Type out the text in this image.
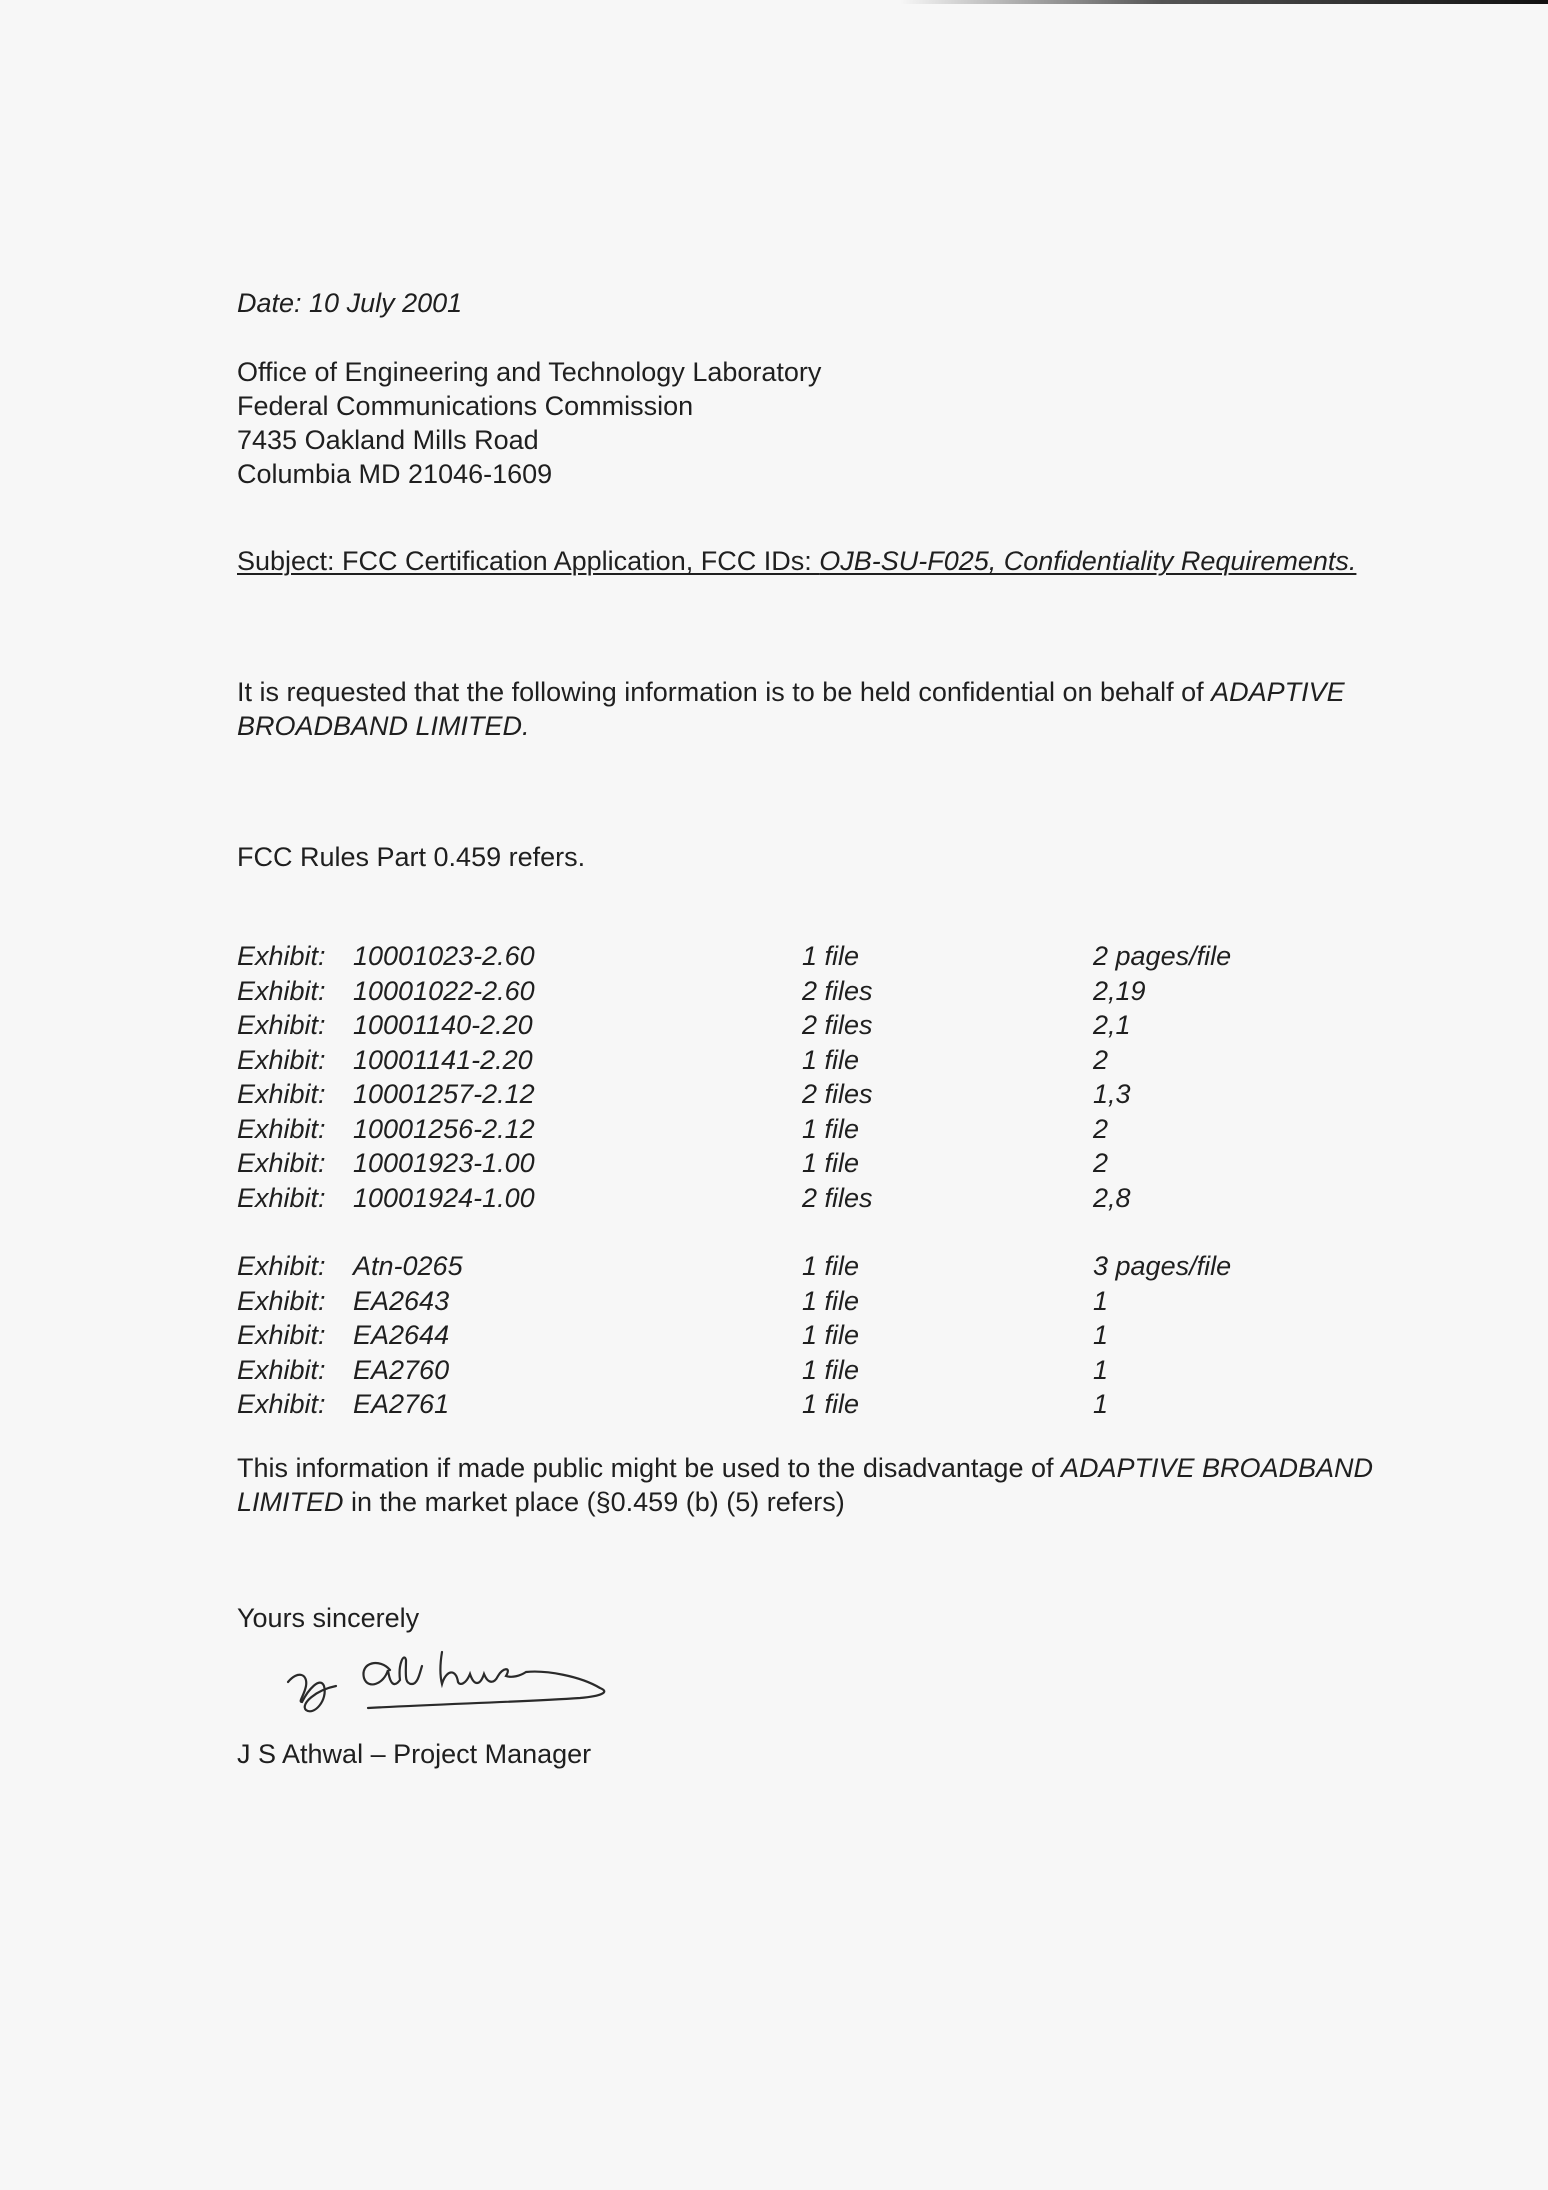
Date: 10 July 2001
Office of Engineering and Technology Laboratory
Federal Communications Commission
7435 Oakland Mills Road
Columbia MD 21046-1609
Subject: FCC Certification Application, FCC IDs: OJB-SU-F025, Confidentiality Requirements.
It is requested that the following information is to be held confidential on behalf of ADAPTIVE BROADBAND LIMITED.
FCC Rules Part 0.459 refers.
Exhibit: 10001023-2.60	1 file	2 pages/file
Exhibit: 10001022-2.60	2 files	2,19
Exhibit: 10001140-2.20	2 files	2,1
Exhibit: 10001141-2.20	1 file	2
Exhibit: 10001257-2.12	2 files	1,3
Exhibit: 10001256-2.12	1 file	2
Exhibit: 10001923-1.00	1 file	2
Exhibit: 10001924-1.00	2 files	2,8
Exhibit: Atn-0265	1 file	3 pages/file
Exhibit: EA2643	1 file	1
Exhibit: EA2644	1 file	1
Exhibit: EA2760	1 file	1
Exhibit: EA2761	1 file	1
This information if made public might be used to the disadvantage of ADAPTIVE BROADBAND
LIMITED in the market place (§0.459 (b) (5) refers)
Yours sincerely
J S Athwal – Project Manager
